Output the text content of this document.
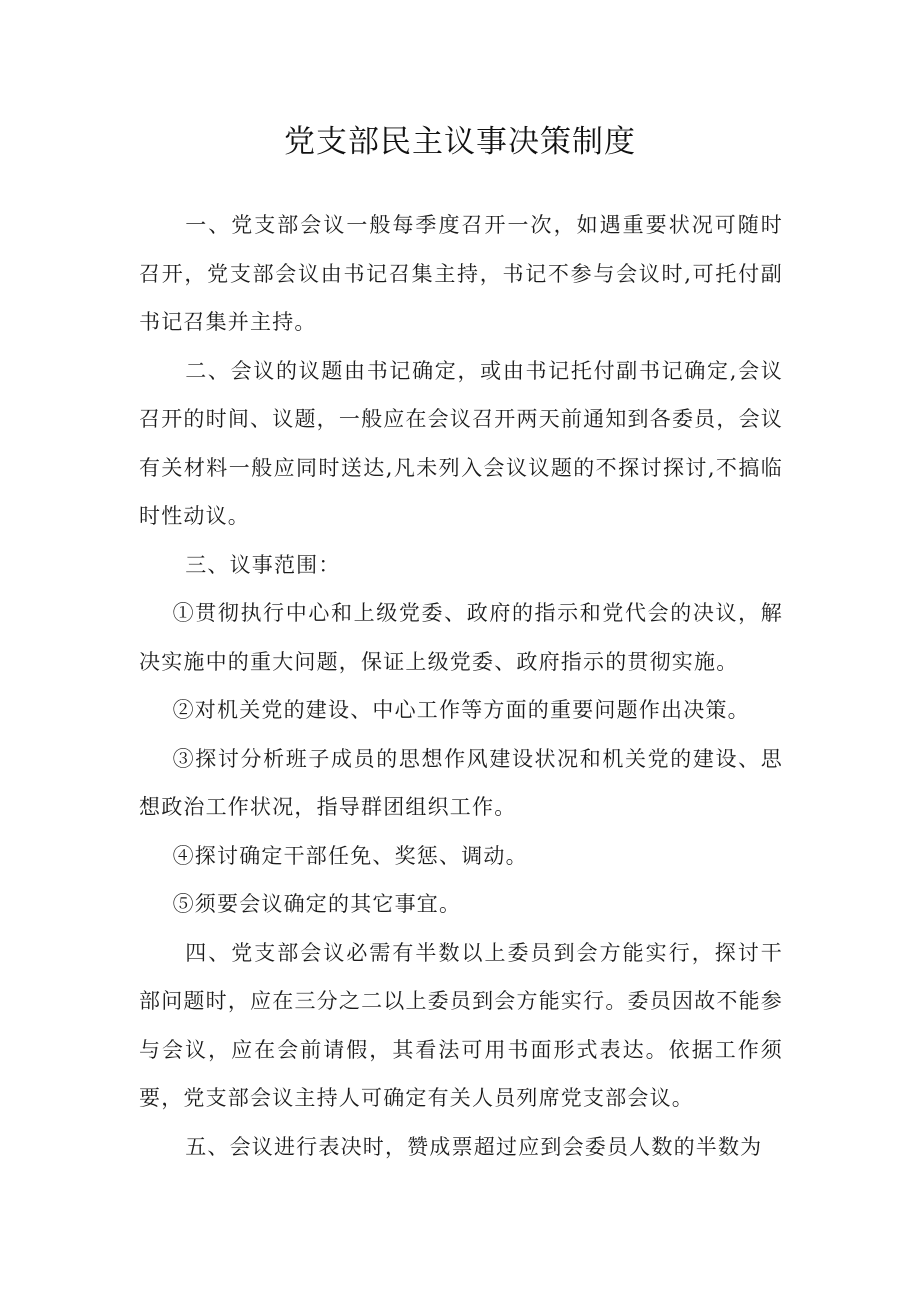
党支部民主议事决策制度

一、党支部会议一般每季度召开一次，如遇重要状况可随时召开，党支部会议由书记召集主持，书记不参与会议时,可托付副书记召集并主持。

二、会议的议题由书记确定，或由书记托付副书记确定,会议召开的时间、议题，一般应在会议召开两天前通知到各委员，会议有关材料一般应同时送达,凡未列入会议议题的不探讨探讨,不搞临时性动议。

三、议事范围：

①贯彻执行中心和上级党委、政府的指示和党代会的决议，解决实施中的重大问题，保证上级党委、政府指示的贯彻实施。

②对机关党的建设、中心工作等方面的重要问题作出决策。

③探讨分析班子成员的思想作风建设状况和机关党的建设、思想政治工作状况，指导群团组织工作。

④探讨确定干部任免、奖惩、调动。

⑤须要会议确定的其它事宜。

四、党支部会议必需有半数以上委员到会方能实行，探讨干部问题时，应在三分之二以上委员到会方能实行。委员因故不能参与会议，应在会前请假，其看法可用书面形式表达。依据工作须要，党支部会议主持人可确定有关人员列席党支部会议。

五、会议进行表决时，赞成票超过应到会委员人数的半数为
